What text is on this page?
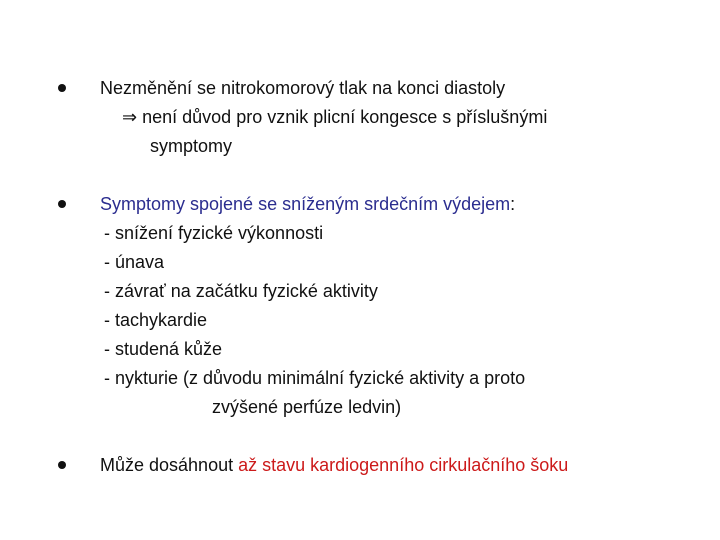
Nezměnění se nitrokomorový tlak na konci diastoly
⇒ není důvod pro vznik plicní kongesce s příslušnými
symptomy
Symptomy spojené se sníženým srdečním výdejem:
- snížení fyzické výkonnosti
- únava
- závrať na začátku fyzické aktivity
- tachykardie
- studená kůže
- nykturie (z důvodu minimální fyzické aktivity a proto
zvýšené perfúze ledvin)
Může dosáhnout až stavu kardiogenního cirkulačního šoku
